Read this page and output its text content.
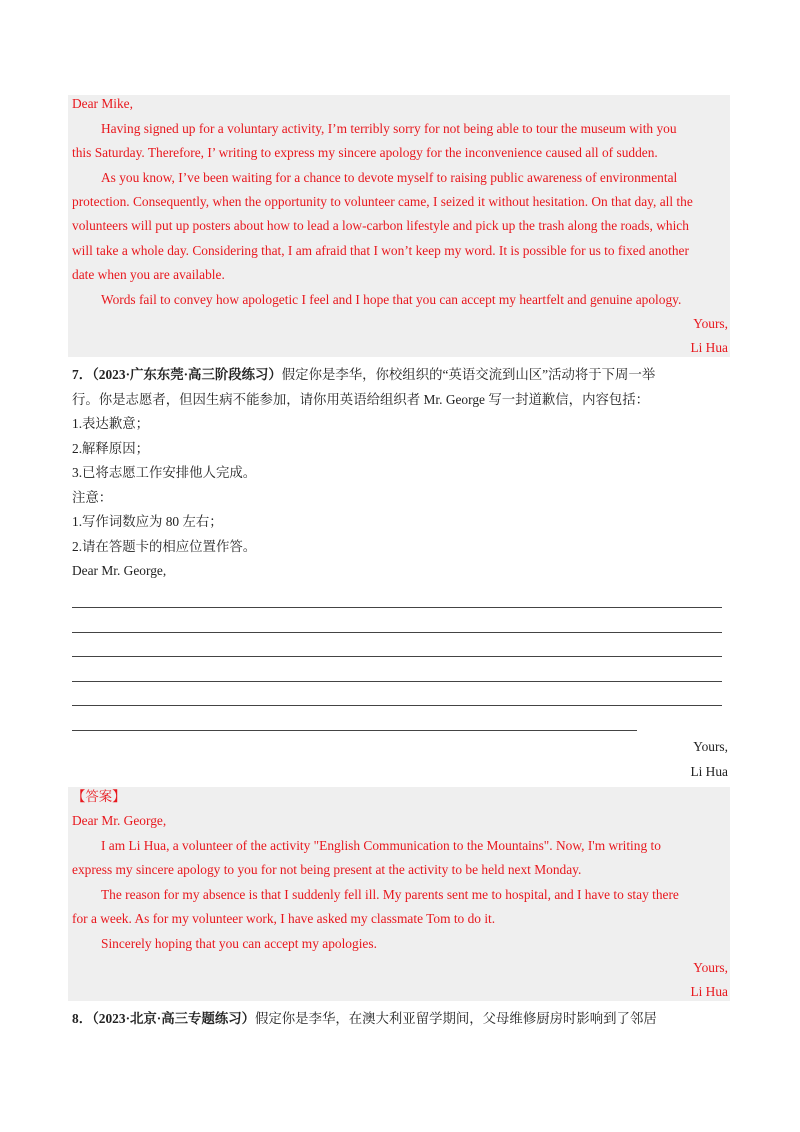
Dear Mike,
Having signed up for a voluntary activity, I’m terribly sorry for not being able to tour the museum with you
this Saturday. Therefore, I’ writing to express my sincere apology for the inconvenience caused all of sudden.
As you know, I’ve been waiting for a chance to devote myself to raising public awareness of environmental
protection. Consequently, when the opportunity to volunteer came, I seized it without hesitation. On that day, all the
volunteers will put up posters about how to lead a low-carbon lifestyle and pick up the trash along the roads, which
will take a whole day. Considering that, I am afraid that I won’t keep my word. It is possible for us to fixed another
date when you are available.
Words fail to convey how apologetic I feel and I hope that you can accept my heartfelt and genuine apology.
Yours,
Li Hua
7．（2023·广东东莞·高三阶段练习）假定你是李华，你校组织的“英语交流到山区”活动将于下周一举
行。你是志愿者，但因生病不能参加，请你用英语给组织者 Mr. George 写一封道歉信，内容包括：
1.表达歉意；
2.解释原因；
3.已将志愿工作安排他人完成。
注意：
1.写作词数应为 80 左右；
2.请在答题卡的相应位置作答。
Dear Mr. George,
Yours,
Li Hua
【答案】
Dear Mr. George,
I am Li Hua, a volunteer of the activity "English Communication to the Mountains". Now, I'm writing to
express my sincere apology to you for not being present at the activity to be held next Monday.
The reason for my absence is that I suddenly fell ill. My parents sent me to hospital, and I have to stay there
for a week. As for my volunteer work, I have asked my classmate Tom to do it.
Sincerely hoping that you can accept my apologies.
Yours,
Li Hua
8．（2023·北京·高三专题练习）假定你是李华，在澳大利亚留学期间，父母维修厨房时影响到了邻居
